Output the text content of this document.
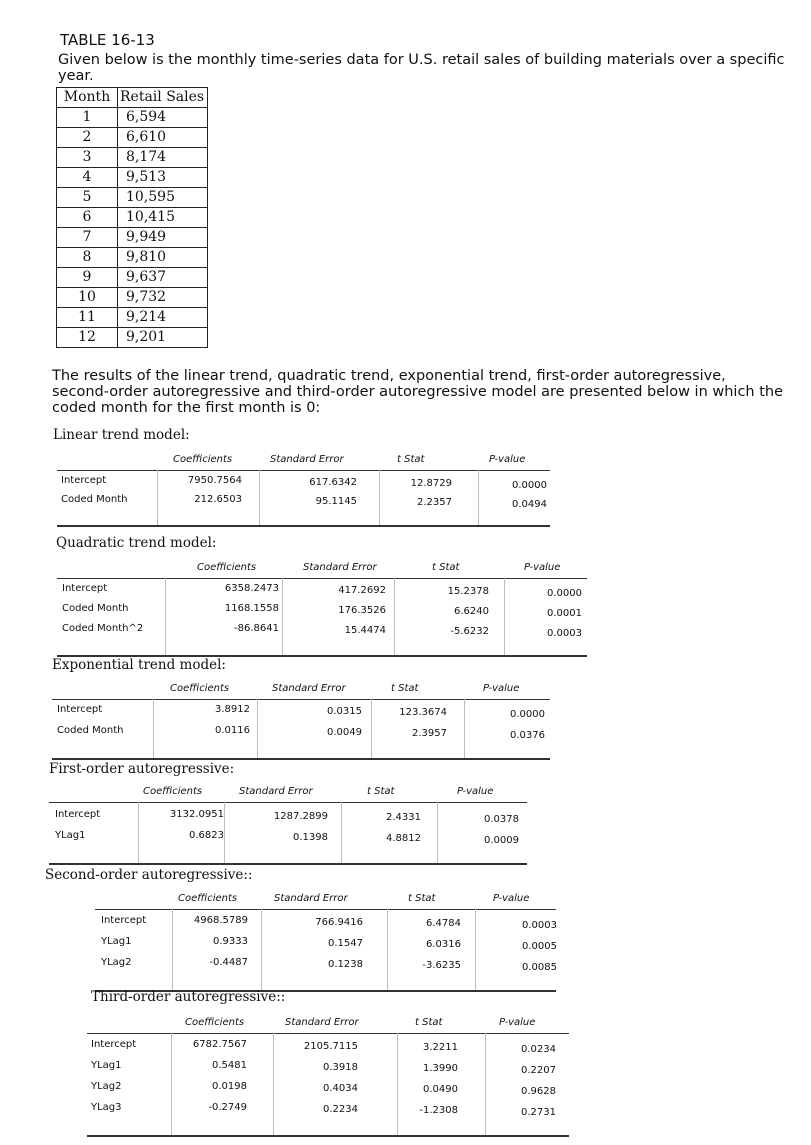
TABLE 16-13
Given below is the monthly time-series data for U.S. retail sales of building materials over a specific year.
Month	Retail Sales
1	6,594
2	6,610
3	8,174
4	9,513
5	10,595
6	10,415
7	9,949
8	9,810
9	9,637
10	9,732
11	9,214
12	9,201
The results of the linear trend, quadratic trend, exponential trend, first-order autoregressive, second-order autoregressive and third-order autoregressive model are presented below in which the coded month for the first month is 0:
Linear trend model:
Coefficients	Standard Error	t Stat	P-value
Intercept	7950.7564	617.6342	12.8729	0.0000
Coded Month	212.6503	95.1145	2.2357	0.0494
Quadratic trend model:
Coefficients	Standard Error	t Stat	P-value
Intercept	6358.2473	417.2692	15.2378	0.0000
Coded Month	1168.1558	176.3526	6.6240	0.0001
Coded Month^2	-86.8641	15.4474	-5.6232	0.0003
Exponential trend model:
Coefficients	Standard Error	t Stat	P-value
Intercept	3.8912	0.0315	123.3674	0.0000
Coded Month	0.0116	0.0049	2.3957	0.0376
First-order autoregressive:
Coefficients	Standard Error	t Stat	P-value
Intercept	3132.0951	1287.2899	2.4331	0.0378
YLag1	0.6823	0.1398	4.8812	0.0009
Second-order autoregressive::
Coefficients	Standard Error	t Stat	P-value
Intercept	4968.5789	766.9416	6.4784	0.0003
YLag1	0.9333	0.1547	6.0316	0.0005
YLag2	-0.4487	0.1238	-3.6235	0.0085
Third-order autoregressive::
Coefficients	Standard Error	t Stat	P-value
Intercept	6782.7567	2105.7115	3.2211	0.0234
YLag1	0.5481	0.3918	1.3990	0.2207
YLag2	0.0198	0.4034	0.0490	0.9628
YLag3	-0.2749	0.2234	-1.2308	0.2731
